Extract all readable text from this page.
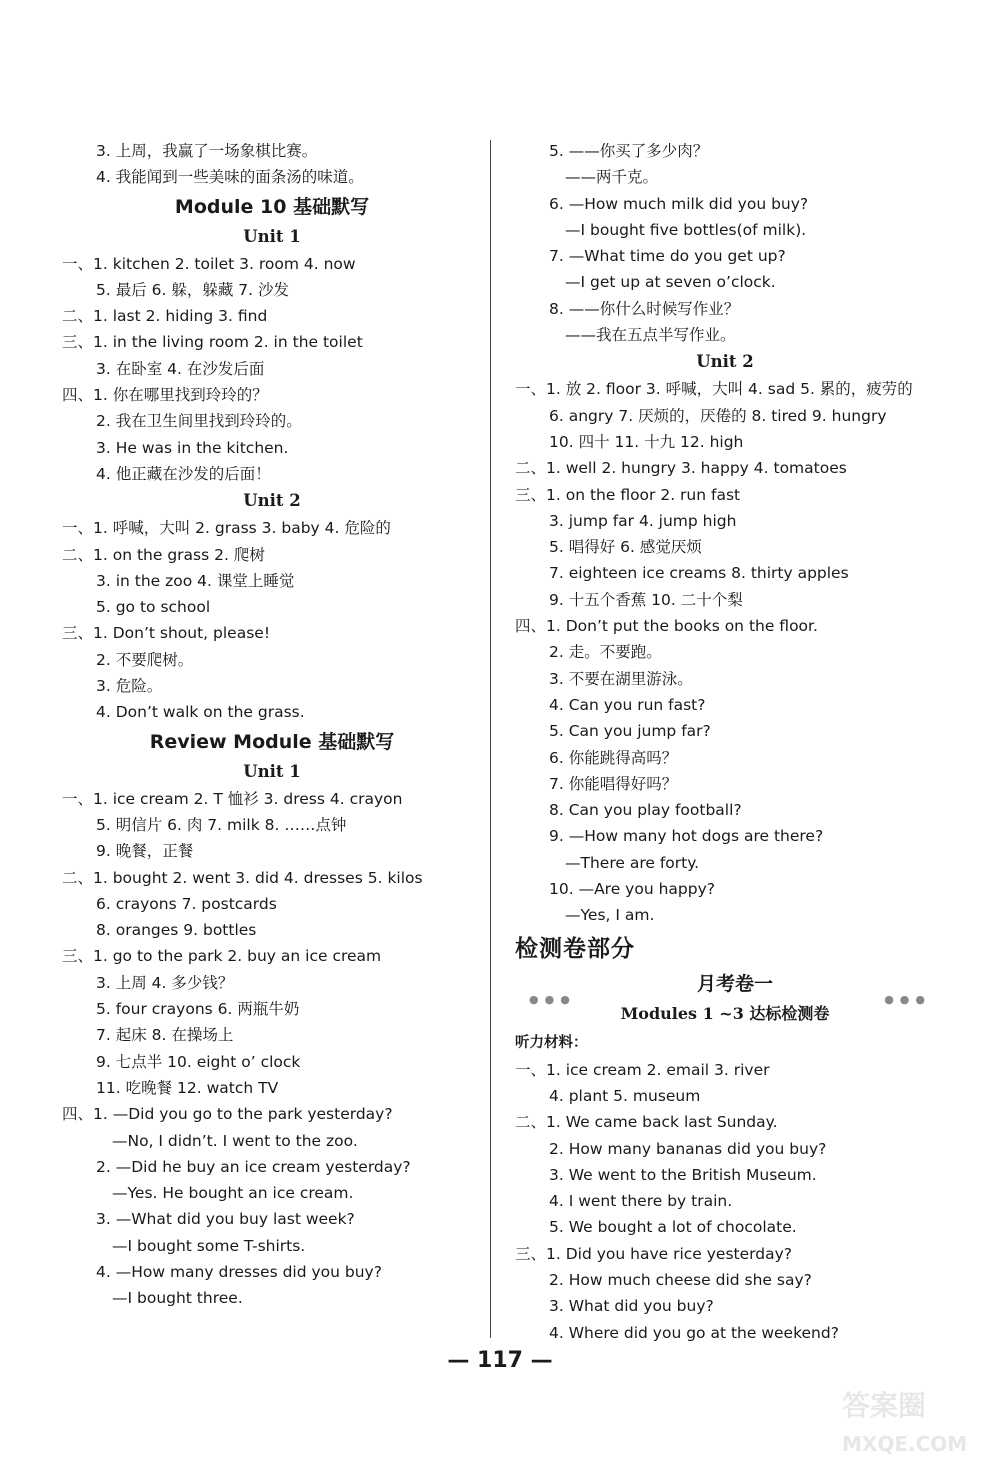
3. 上周，我赢了一场象棋比赛。
4. 我能闻到一些美味的面条汤的味道。
Module 10 基础默写
Unit 1
一、1. kitchen 2. toilet 3. room 4. now
5. 最后 6. 躲，躲藏 7. 沙发
二、1. last 2. hiding 3. find
三、1. in the living room 2. in the toilet
3. 在卧室 4. 在沙发后面
四、1. 你在哪里找到玲玲的？
2. 我在卫生间里找到玲玲的。
3. He was in the kitchen.
4. 他正藏在沙发的后面！
Unit 2
一、1. 呼喊，大叫 2. grass 3. baby 4. 危险的
二、1. on the grass 2. 爬树
3. in the zoo 4. 课堂上睡觉
5. go to school
三、1. Don’t shout, please!
2. 不要爬树。
3. 危险。
4. Don’t walk on the grass.
Review Module 基础默写
Unit 1
一、1. ice cream 2. T 恤衫 3. dress 4. crayon
5. 明信片 6. 肉 7. milk 8. ……点钟
9. 晚餐，正餐
二、1. bought 2. went 3. did 4. dresses 5. kilos
6. crayons 7. postcards
8. oranges 9. bottles
三、1. go to the park 2. buy an ice cream
3. 上周 4. 多少钱？
5. four crayons 6. 两瓶牛奶
7. 起床 8. 在操场上
9. 七点半 10. eight o’ clock
11. 吃晚餐 12. watch TV
四、1. —Did you go to the park yesterday?
—No, I didn’t. I went to the zoo.
2. —Did he buy an ice cream yesterday?
—Yes. He bought an ice cream.
3. —What did you buy last week?
—I bought some T-shirts.
4. —How many dresses did you buy?
—I bought three.
5. ——你买了多少肉？
——两千克。
6. —How much milk did you buy?
—I bought five bottles(of milk).
7. —What time do you get up?
—I get up at seven o’clock.
8. ——你什么时候写作业？
——我在五点半写作业。
Unit 2
一、1. 放 2. floor 3. 呼喊，大叫 4. sad 5. 累的，疲劳的
6. angry 7. 厌烦的，厌倦的 8. tired 9. hungry
10. 四十 11. 十九 12. high
二、1. well 2. hungry 3. happy 4. tomatoes
三、1. on the floor 2. run fast
3. jump far 4. jump high
5. 唱得好 6. 感觉厌烦
7. eighteen ice creams 8. thirty apples
9. 十五个香蕉 10. 二十个梨
四、1. Don’t put the books on the floor.
2. 走。不要跑。
3. 不要在湖里游泳。
4. Can you run fast?
5. Can you jump far?
6. 你能跳得高吗？
7. 你能唱得好吗？
8. Can you play football?
9. —How many hot dogs are there?
—There are forty.
10. —Are you happy?
—Yes, I am.
检测卷部分
月考卷一
●●●
Modules 1 ~3 达标检测卷
●●●
听力材料：
一、1. ice cream 2. email 3. river
4. plant 5. museum
二、1. We came back last Sunday.
2. How many bananas did you buy?
3. We went to the British Museum.
4. I went there by train.
5. We bought a lot of chocolate.
三、1. Did you have rice yesterday?
2. How much cheese did she say?
3. What did you buy?
4. Where did you go at the weekend?
— 117 —
答案圈
MXQE.COM
